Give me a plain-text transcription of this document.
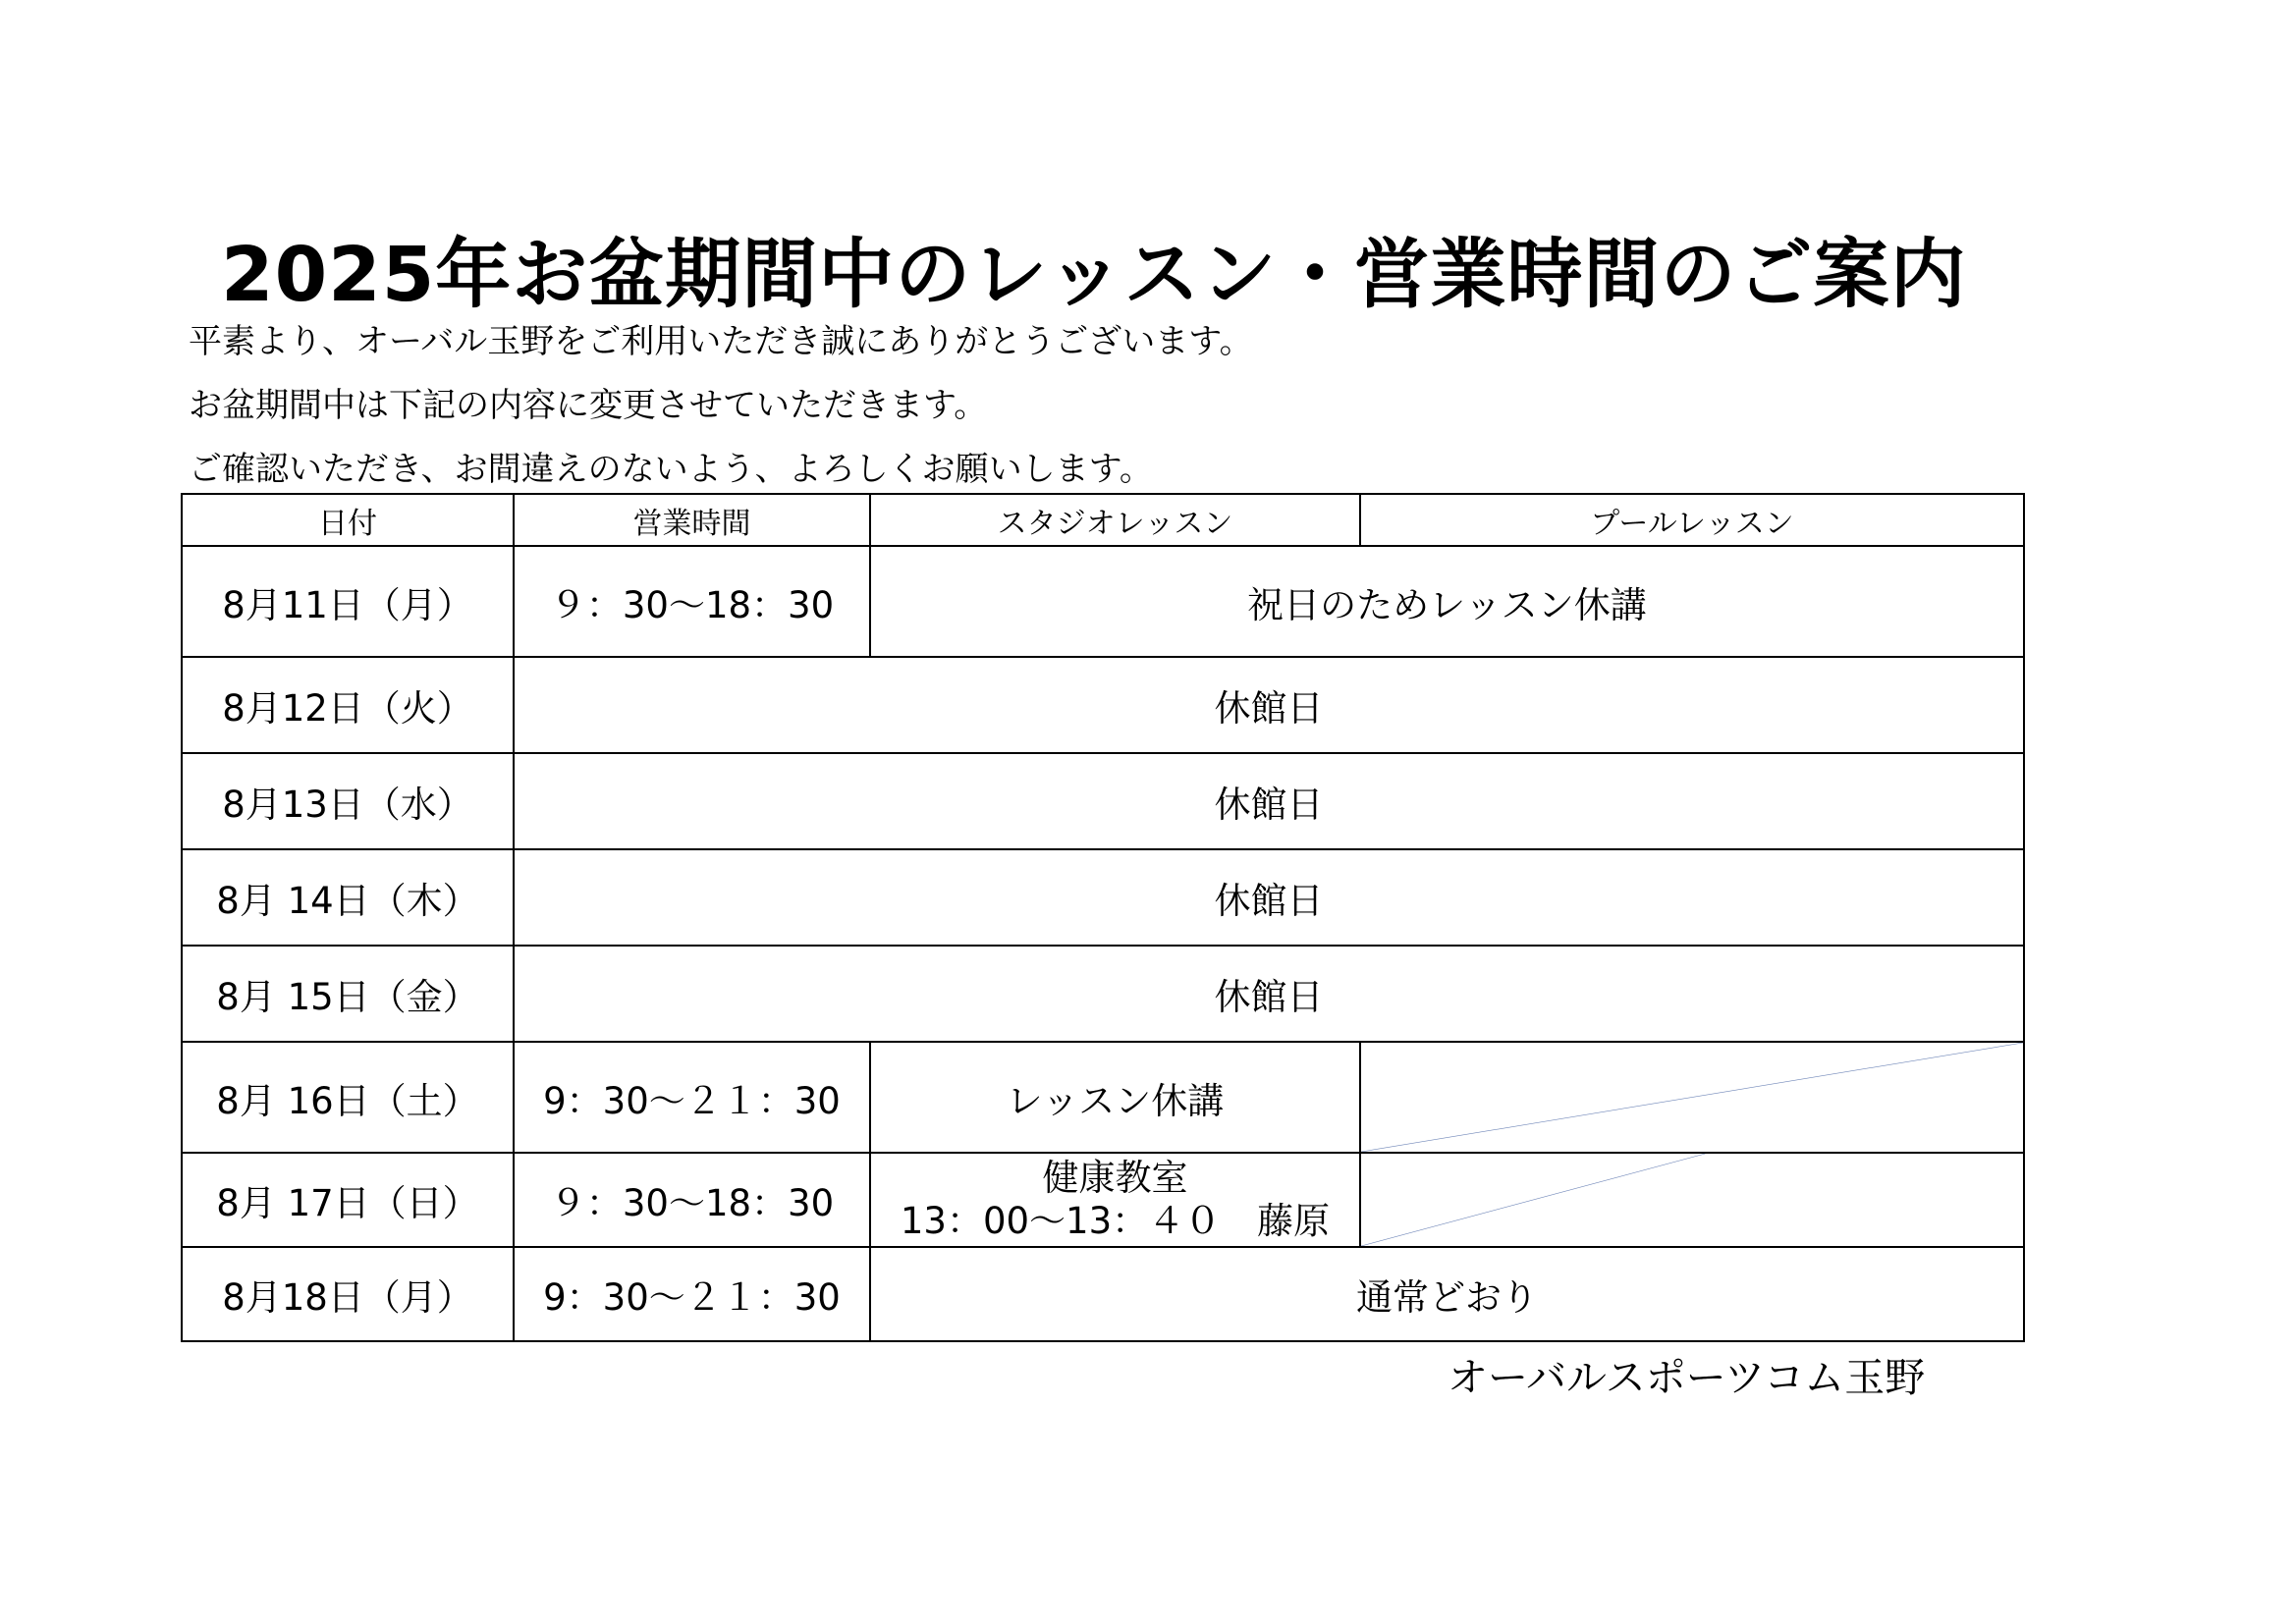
2025年お盆期間中のレッスン・営業時間のご案内
平素より、オーバル玉野をご利用いただき誠にありがとうございます。
お盆期間中は下記の内容に変更させていただきます。
ご確認いただき、お間違えのないよう、よろしくお願いします。
日付	営業時間	スタジオレッスン	プールレッスン
8月11日（月）	９：30〜18：30	祝日のためレッスン休講	
8月12日（火）	休館日		
8月13日（水）	休館日		
8月 14日（木）	休館日		
8月 15日（金）	休館日		
8月 16日（土）	9：30〜２１：30	レッスン休講	

8月 17日（日）	９：30〜18：30	健康教室
13：00〜13：４０　藤原

8月18日（月）	9：30〜２１：30	通常どおり	
オーバルスポーツコム玉野
